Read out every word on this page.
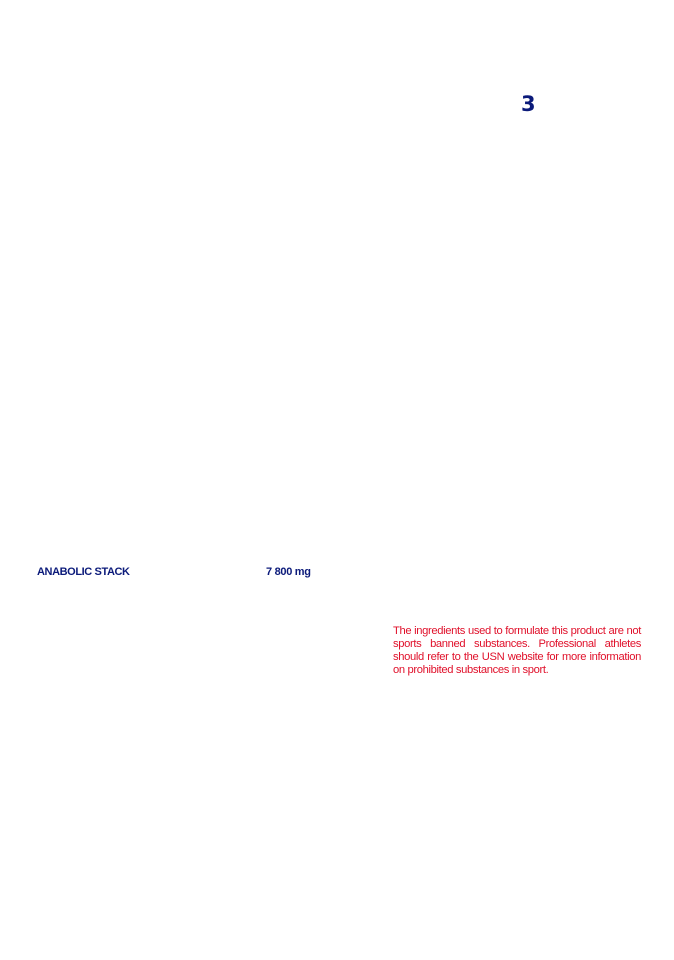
3
ANABOLIC STACK	7 800 mg
The ingredients used to formulate this product are not sports banned substances. Professional athletes should refer to the USN website for more information on prohibited substances in sport.
